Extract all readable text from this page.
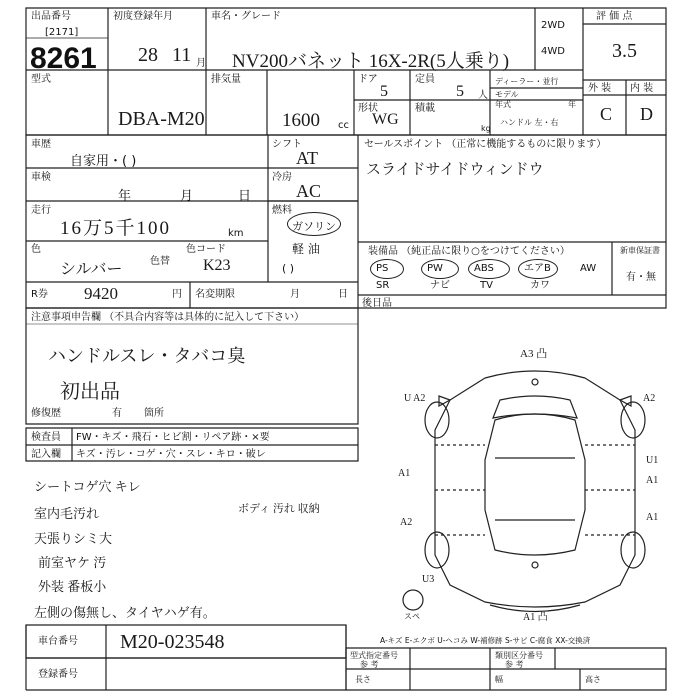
出品番号
[2171]
8261
初度登録年月
28 11 月
車名・グレード
NV200バネット 16X-2R(5人乗り)
2WD
4WD
評 価 点
3.5
型式
DBA-M20
排気量
1600 cc
ドア
5
定員
5 人
ディーラー・並行
モデル
年式	年
形状
WG
積載
kg
ハンドル 左・右
外 装 内 装
C D
車歴
自家用・( )
シフト
AT
セールスポイント （正常に機能するものに限ります）
スライドサイドウィンドウ
車検
年	月	日
冷房
AC
走行
16万5千100	km
燃料
ガソリン
軽 油
( )
色
シルバー	色替
色コード
K23
R券 9420	円 名変期限	月	日
装備品 （純正品に限り○をつけてください）	新車保証書
有・無
PS	PW	ABS	エアB	AW
SR	ナビ	TV	カワ
後日品
注意事項申告欄 （不具合内容等は具体的に記入して下さい）
ハンドルスレ・タバコ臭
初出品
修復歴	有 箇所
検査員 FW・キズ・飛石・ヒビ割・リペア跡・×要
記入欄 キズ・汚レ・コゲ・穴・スレ・キロ・破レ
シートコゲ穴 キレ
室内毛汚れ
天張りシミ大
前室ヤケ 汚
外装 番板小
左側の傷無し、タイヤハゲ有。
ボディ 汚れ 収納
A3 凸
U A2
A1
A2
U3
A2
U1
A1
A1
A1 凸
スペ
A-キズ E-エクボ U-ヘコみ W-補修跡 S-サビ C-腐食 XX-交換済
車台番号 M20-023548
登録番号
型式指定番号
参 考
類別区分番号
参 考
長さ	幅	高さ
